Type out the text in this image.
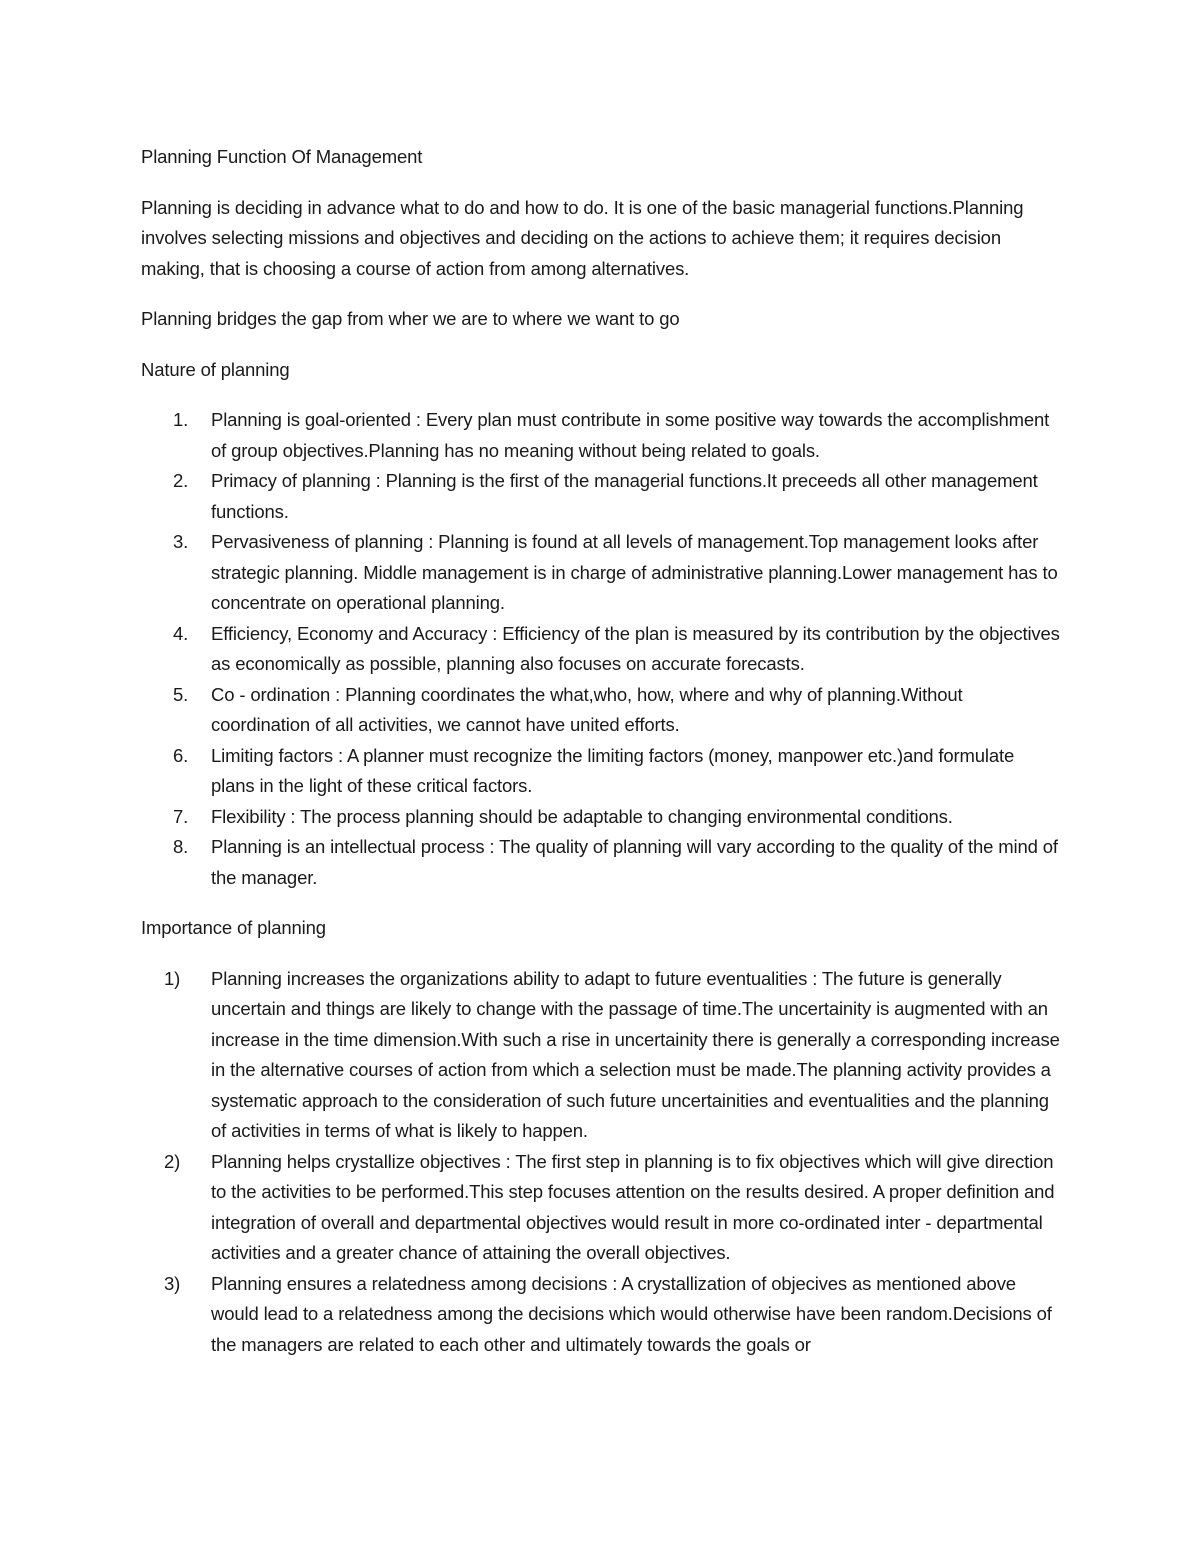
Planning Function Of Management

Planning is deciding in advance what to do and how to do. It is one of the basic managerial functions.Planning involves selecting missions and objectives and deciding on the actions to achieve them; it requires decision making, that is choosing a course of action from among alternatives.

Planning bridges the gap from wher we are to where we want to go

Nature of planning

1.	Planning is goal-oriented : Every plan must contribute in some positive way towards the accomplishment of group objectives.Planning has no meaning without being related to goals.
2.	Primacy of planning : Planning is the first of the managerial functions.It preceeds all other management functions.
3.	Pervasiveness of planning : Planning is found at all levels of management.Top management looks after strategic planning. Middle management is in charge of administrative planning.Lower management has to concentrate on operational planning.
4.	Efficiency, Economy and Accuracy : Efficiency of the plan is measured by its contribution by the objectives as economically as possible, planning also focuses on accurate forecasts.
5.	Co - ordination : Planning coordinates the what,who, how, where and why of planning.Without coordination of all activities, we cannot have united efforts.
6.	Limiting factors : A planner must recognize the limiting factors (money, manpower etc.)and formulate plans in the light of these critical factors.
7.	Flexibility : The process planning should be adaptable to changing environmental conditions.
8.	Planning is an intellectual process : The quality of planning will vary according to the quality of the mind of the manager.

Importance of planning

1)	Planning increases the organizations ability to adapt to future eventualities : The future is generally uncertain and things are likely to change with the passage of time.The uncertainity is augmented with an increase in the time dimension.With such a rise in uncertainity there is generally a corresponding increase in the alternative courses of action from which a selection must be made.The planning activity provides a systematic approach to the consideration of such future uncertainities and eventualities and the planning of activities in terms of what is likely to happen.
2)	Planning helps crystallize objectives : The first step in planning is to fix objectives which will give direction to the activities to be performed.This step focuses attention on the results desired. A proper definition and integration of overall and departmental objectives would result in more co-ordinated inter - departmental activities and a greater chance of attaining the overall objectives.
3)	Planning ensures a relatedness among decisions : A crystallization of objecives as mentioned above would lead to a relatedness among the decisions which would otherwise have been random.Decisions of the managers are related to each other and ultimately towards the goals or
